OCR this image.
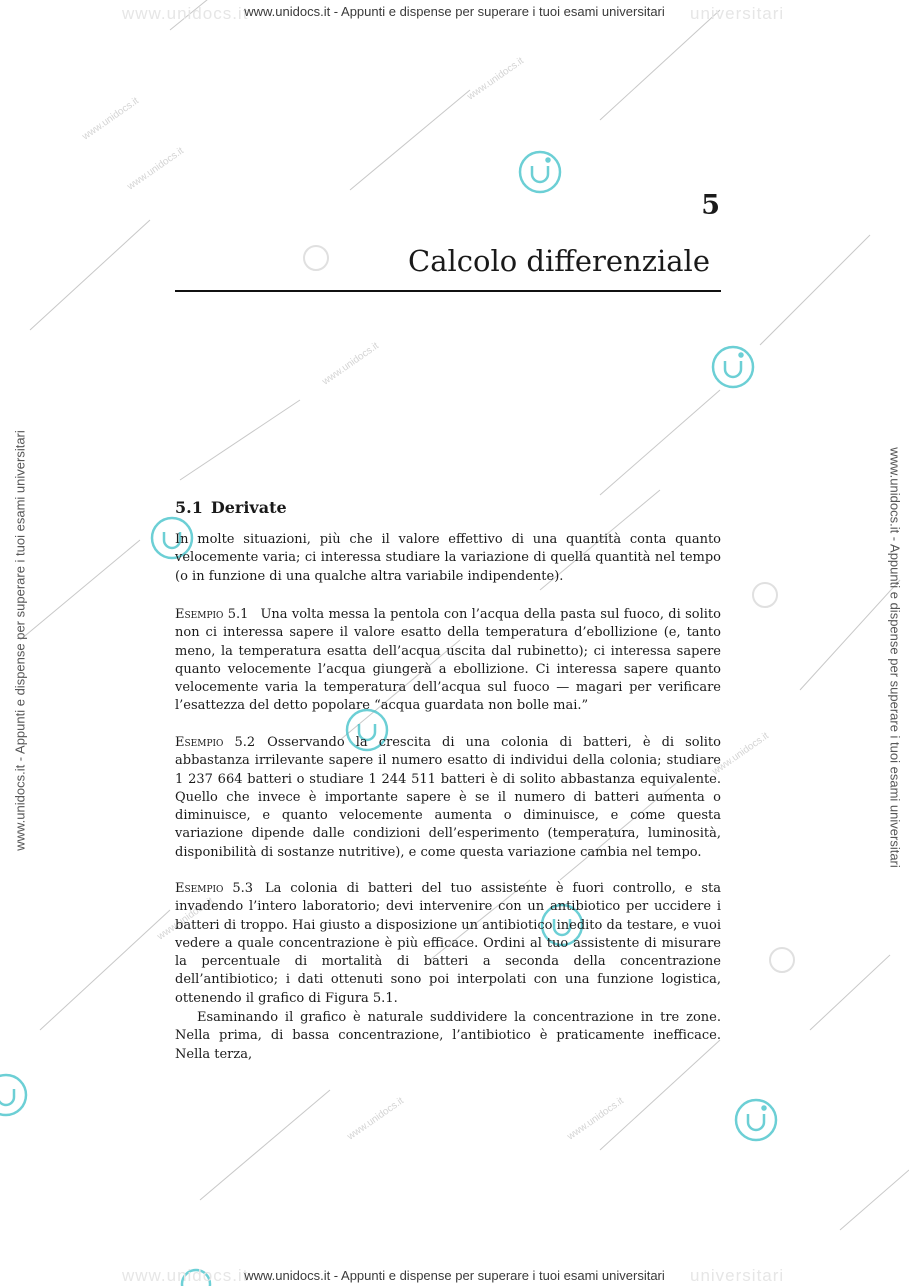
www.unidocs.it
www.unidocs.it
www.unidocs.it
www.unidocs.it
www.unidocs.it
www.unidocs.it
www.unidocs.it
www.unidocs.it
www.unidocs.it	universitari
www.unidocs.it	universitari
www.unidocs.it - Appunti e dispense per superare i tuoi esami universitari
www.unidocs.it - Appunti e dispense per superare i tuoi esami universitari
www.unidocs.it - Appunti e dispense per superare i tuoi esami universitari	www.unidocs.it - Appunti e dispense per superare i tuoi esami universitari
5
Calcolo differenziale
5.1 Derivate

In molte situazioni, più che il valore effettivo di una quantità conta quanto velocemente varia; ci interessa studiare la variazione di quella quantità nel tempo (o in funzione di una qualche altra variabile indipendente).

Esempio 5.1 Una volta messa la pentola con l’acqua della pasta sul fuoco, di solito non ci interessa sapere il valore esatto della temperatura d’ebollizione (e, tanto meno, la temperatura esatta dell’acqua uscita dal rubinetto); ci interessa sapere quanto velocemente l’acqua giungerà a ebollizione. Ci interessa sapere quanto velocemente varia la temperatura dell’acqua sul fuoco — magari per verificare l’esattezza del detto popolare “acqua guardata non bolle mai.”
Esempio 5.2 Osservando la crescita di una colonia di batteri, è di solito abbastanza irrilevante sapere il numero esatto di individui della colonia; studiare 1 237 664 batteri o studiare 1 244 511 batteri è di solito abbastanza equivalente. Quello che invece è importante sapere è se il numero di batteri aumenta o diminuisce, e quanto velocemente aumenta o diminuisce, e come questa variazione dipende dalle condizioni dell’esperimento (temperatura, luminosità, disponibilità di sostanze nutritive), e come questa variazione cambia nel tempo.
Esempio 5.3 La colonia di batteri del tuo assistente è fuori controllo, e sta invadendo l’intero laboratorio; devi intervenire con un antibiotico per uccidere i batteri di troppo. Hai giusto a disposizione un antibiotico inedito da testare, e vuoi vedere a quale concentrazione è più efficace. Ordini al tuo assistente di misurare la percentuale di mortalità di batteri a seconda della concentrazione dell’antibiotico; i dati ottenuti sono poi interpolati con una funzione logistica, ottenendo il grafico di Figura 5.1.

Esaminando il grafico è naturale suddividere la concentrazione in tre zone. Nella prima, di bassa concentrazione, l’antibiotico è praticamente inefficace. Nella terza,
